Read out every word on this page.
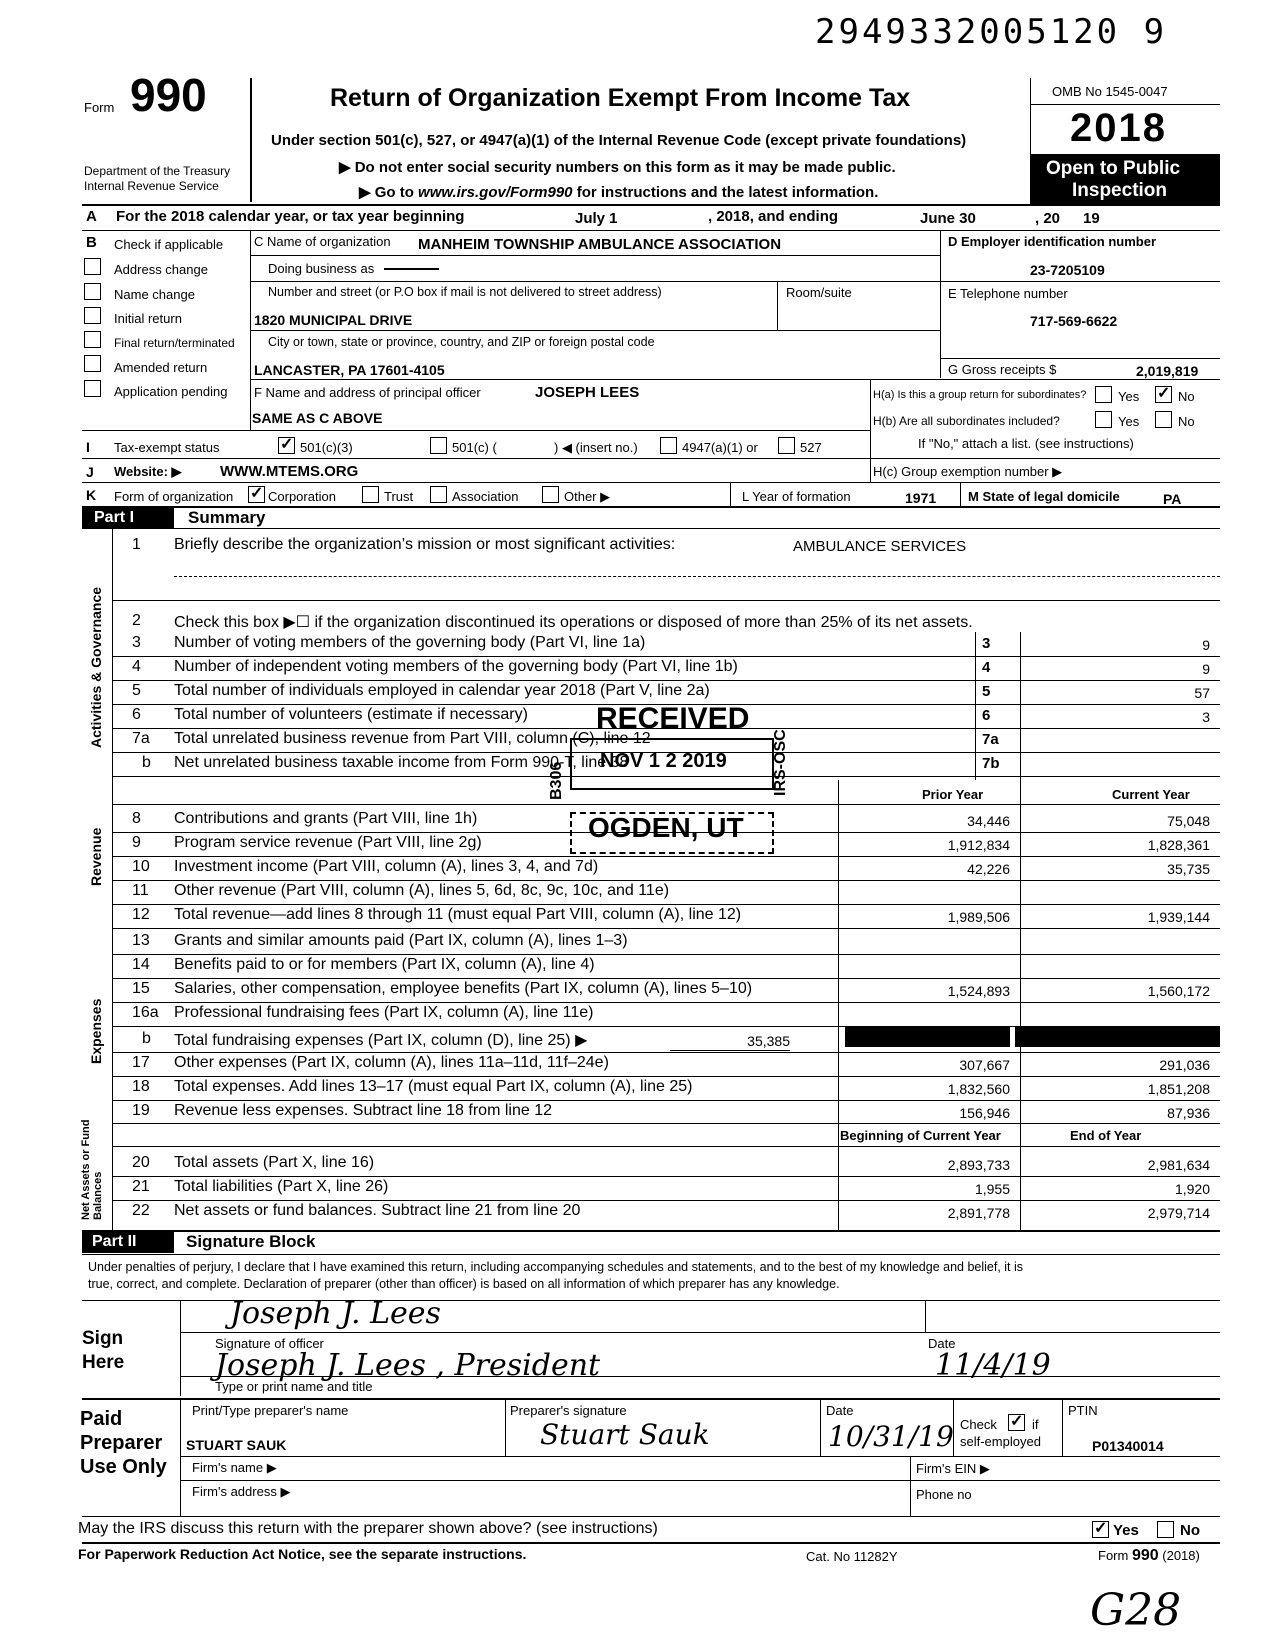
2949332005120 9
Form 990
Department of the Treasury
Internal Revenue Service
Return of Organization Exempt From Income Tax
Under section 501(c), 527, or 4947(a)(1) of the Internal Revenue Code (except private foundations)
▶ Do not enter social security numbers on this form as it may be made public.
▶ Go to www.irs.gov/Form990 for instructions and the latest information.
OMB No 1545-0047
2018
Open to Public
Inspection
A For the 2018 calendar year, or tax year beginning	July 1	, 2018, and ending	June 30	, 20 19
B Check if applicable
Address change
Name change
Initial return
Final return/terminated
Amended return
Application pending
C Name of organization MANHEIM TOWNSHIP AMBULANCE ASSOCIATION
Doing business as
Number and street (or P.O box if mail is not delivered to street address)	Room/suite
1820 MUNICIPAL DRIVE
City or town, state or province, country, and ZIP or foreign postal code
LANCASTER, PA 17601-4105
F Name and address of principal officer	JOSEPH LEES
SAME AS C ABOVE
D Employer identification number
23-7205109
E Telephone number
717-569-6622
G Gross receipts $	2,019,819
H(a) Is this a group return for subordinates? Yes ✓	No
H(b) Are all subordinates included?	Yes	No
If "No," attach a list. (see instructions)
H(c) Group exemption number ▶
I Tax-exempt status ✓	501(c)(3)	501(c) (	) ◀ (insert no.)	4947(a)(1) or	527
J Website: ▶	WWW.MTEMS.ORG
K Form of organization ✓	Corporation	Trust	Association	Other ▶	L Year of formation	1971 M State of legal domicile	PA
Part I	Summary
Activities & Governance
Revenue
Expenses
Net Assets or Fund Balances
1 Briefly describe the organization’s mission or most significant activities:	AMBULANCE SERVICES
2 Check this box ▶☐ if the organization discontinued its operations or disposed of more than 25% of its net assets.
3 Number of voting members of the governing body (Part VI, line 1a)	3	9
4 Number of independent voting members of the governing body (Part VI, line 1b)	4	9
5 Total number of individuals employed in calendar year 2018 (Part V, line 2a)	5	57
6 Total number of volunteers (estimate if necessary)	6	3
7a Total unrelated business revenue from Part VIII, column (C), line 12	7a
b Net unrelated business taxable income from Form 990-T, line 38	7b
Prior Year	Current Year
8 Contributions and grants (Part VIII, line 1h)	34,446	75,048
9 Program service revenue (Part VIII, line 2g)	1,912,834	1,828,361
10 Investment income (Part VIII, column (A), lines 3, 4, and 7d)	42,226	35,735
11 Other revenue (Part VIII, column (A), lines 5, 6d, 8c, 9c, 10c, and 11e)
12 Total revenue—add lines 8 through 11 (must equal Part VIII, column (A), line 12)	1,989,506	1,939,144
13 Grants and similar amounts paid (Part IX, column (A), lines 1–3)
14 Benefits paid to or for members (Part IX, column (A), line 4)
15 Salaries, other compensation, employee benefits (Part IX, column (A), lines 5–10)	1,524,893	1,560,172
16a Professional fundraising fees (Part IX, column (A), line 11e)
b Total fundraising expenses (Part IX, column (D), line 25) ▶	35,385
17 Other expenses (Part IX, column (A), lines 11a–11d, 11f–24e)	307,667	291,036
18 Total expenses. Add lines 13–17 (must equal Part IX, column (A), line 25)	1,832,560	1,851,208
19 Revenue less expenses. Subtract line 18 from line 12	156,946	87,936
Beginning of Current Year	End of Year
20 Total assets (Part X, line 16)	2,893,733	2,981,634
21 Total liabilities (Part X, line 26)	1,955	1,920
22 Net assets or fund balances. Subtract line 21 from line 20	2,891,778	2,979,714
RECEIVED
NOV 1 2 2019
B306	IRS-OSC
OGDEN, UT
Part II	Signature Block
Under penalties of perjury, I declare that I have examined this return, including accompanying schedules and statements, and to the best of my knowledge and belief, it is
true, correct, and complete. Declaration of preparer (other than officer) is based on all information of which preparer has any knowledge.
Sign
Here
Joseph J. Lees
Signature of officer	Date
Joseph J. Lees , President	11/4/19
Type or print name and title
Paid
Preparer
Use Only
Print/Type preparer's name
STUART SAUK
Preparer's signature
Stuart Sauk
Date
10/31/19 Check ✓	if
self-employed
PTIN
P01340014
Firm's name ▶	Firm's EIN ▶
Firm's address ▶	Phone no
May the IRS discuss this return with the preparer shown above? (see instructions) ✓	Yes	No
For Paperwork Reduction Act Notice, see the separate instructions.	Cat. No 11282Y	Form 990 (2018)
G28
